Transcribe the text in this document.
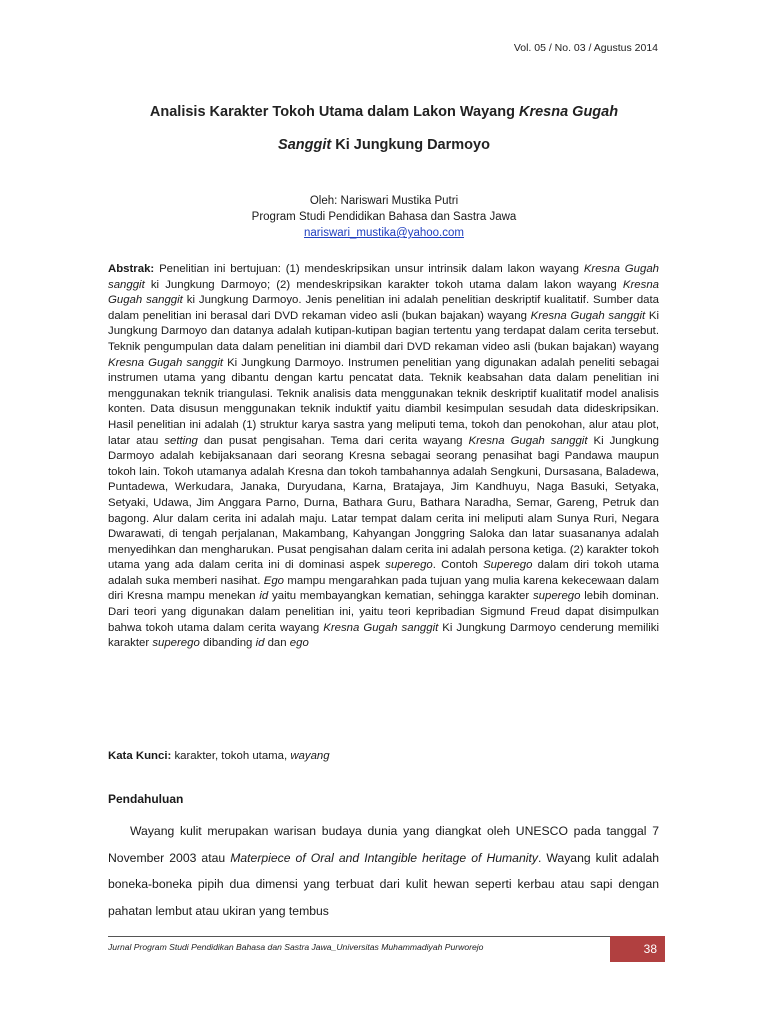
Vol. 05 / No. 03 / Agustus 2014
Analisis Karakter Tokoh Utama dalam Lakon Wayang Kresna Gugah
Sanggit Ki Jungkung Darmoyo
Oleh: Nariswari Mustika Putri
Program Studi Pendidikan Bahasa dan Sastra Jawa
nariswari_mustika@yahoo.com
Abstrak: Penelitian ini bertujuan: (1) mendeskripsikan unsur intrinsik dalam lakon wayang Kresna Gugah sanggit ki Jungkung Darmoyo; (2) mendeskripsikan karakter tokoh utama dalam lakon wayang Kresna Gugah sanggit ki Jungkung Darmoyo. Jenis penelitian ini adalah penelitian deskriptif kualitatif. Sumber data dalam penelitian ini berasal dari DVD rekaman video asli (bukan bajakan) wayang Kresna Gugah sanggit Ki Jungkung Darmoyo dan datanya adalah kutipan-kutipan bagian tertentu yang terdapat dalam cerita tersebut. Teknik pengumpulan data dalam penelitian ini diambil dari DVD rekaman video asli (bukan bajakan) wayang Kresna Gugah sanggit Ki Jungkung Darmoyo. Instrumen penelitian yang digunakan adalah peneliti sebagai instrumen utama yang dibantu dengan kartu pencatat data. Teknik keabsahan data dalam penelitian ini menggunakan teknik triangulasi. Teknik analisis data menggunakan teknik deskriptif kualitatif model analisis konten. Data disusun menggunakan teknik induktif yaitu diambil kesimpulan sesudah data dideskripsikan. Hasil penelitian ini adalah (1) struktur karya sastra yang meliputi tema, tokoh dan penokohan, alur atau plot, latar atau setting dan pusat pengisahan. Tema dari cerita wayang Kresna Gugah sanggit Ki Jungkung Darmoyo adalah kebijaksanaan dari seorang Kresna sebagai seorang penasihat bagi Pandawa maupun tokoh lain. Tokoh utamanya adalah Kresna dan tokoh tambahannya adalah Sengkuni, Dursasana, Baladewa, Puntadewa, Werkudara, Janaka, Duryudana, Karna, Bratajaya, Jim Kandhuyu, Naga Basuki, Setyaka, Setyaki, Udawa, Jim Anggara Parno, Durna, Bathara Guru, Bathara Naradha, Semar, Gareng, Petruk dan bagong. Alur dalam cerita ini adalah maju. Latar tempat dalam cerita ini meliputi alam Sunya Ruri, Negara Dwarawati, di tengah perjalanan, Makambang, Kahyangan Jonggring Saloka dan latar suasananya adalah menyedihkan dan mengharukan. Pusat pengisahan dalam cerita ini adalah persona ketiga. (2) karakter tokoh utama yang ada dalam cerita ini di dominasi aspek superego. Contoh Superego dalam diri tokoh utama adalah suka memberi nasihat. Ego mampu mengarahkan pada tujuan yang mulia karena kekecewaan dalam diri Kresna mampu menekan id yaitu membayangkan kematian, sehingga karakter superego lebih dominan. Dari teori yang digunakan dalam penelitian ini, yaitu teori kepribadian Sigmund Freud dapat disimpulkan bahwa tokoh utama dalam cerita wayang Kresna Gugah sanggit Ki Jungkung Darmoyo cenderung memiliki karakter superego dibanding id dan ego
Kata Kunci: karakter, tokoh utama, wayang
Pendahuluan
Wayang kulit merupakan warisan budaya dunia yang diangkat oleh UNESCO pada tanggal 7 November 2003 atau Materpiece of Oral and Intangible heritage of Humanity. Wayang kulit adalah boneka-boneka pipih dua dimensi yang terbuat dari kulit hewan seperti kerbau atau sapi dengan pahatan lembut atau ukiran yang tembus
Jurnal Program Studi Pendidikan Bahasa dan Sastra Jawa_Universitas Muhammadiyah Purworejo	38
